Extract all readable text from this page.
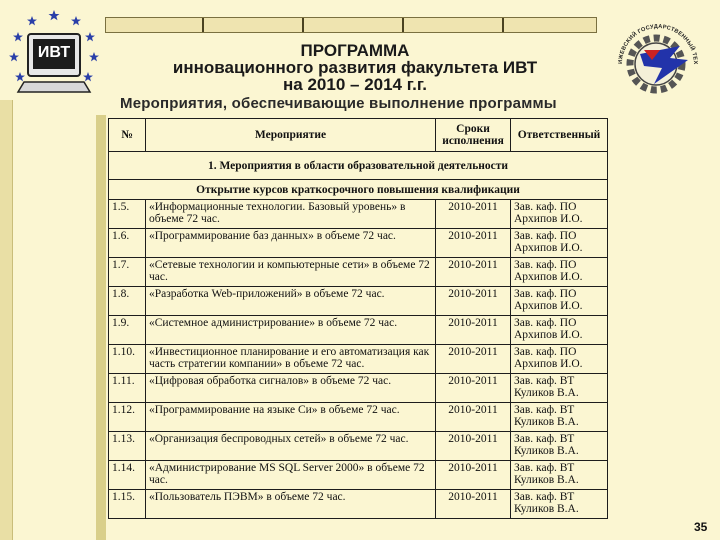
ИВТ
ИЖЕВСКИЙ ГОСУДАРСТВЕННЫЙ ТЕХ
ПРОГРАММА
инновационного развития факультета ИВТ
на 2010 – 2014 г.г.
Мероприятия, обеспечивающие выполнение программы
№	Мероприятие	Сроки исполнения	Ответственный
1. Мероприятия в области образовательной деятельности			
Открытие курсов краткосрочного повышения квалификации			
1.5.	«Информационные технологии. Базовый уровень» в объеме 72 час.	2010-2011	Зав. каф. ПО Архипов И.О.
1.6.	«Программирование баз данных» в объеме 72 час.	2010-2011	Зав. каф. ПО Архипов И.О.
1.7.	«Сетевые технологии и компьютерные сети» в объеме 72 час.	2010-2011	Зав. каф. ПО Архипов И.О.
1.8.	«Разработка Web-приложений» в объеме 72 час.	2010-2011	Зав. каф. ПО Архипов И.О.
1.9.	«Системное администрирование» в объеме 72 час.	2010-2011	Зав. каф. ПО Архипов И.О.
1.10.	«Инвестиционное планирование и его автоматизация как часть стратегии компании» в объеме 72 час.	2010-2011	Зав. каф. ПО Архипов И.О.
1.11.	«Цифровая обработка сигналов» в объеме 72 час.	2010-2011	Зав. каф. ВТ Куликов В.А.
1.12.	«Программирование на языке Си» в объеме 72 час.	2010-2011	Зав. каф. ВТ Куликов В.А.
1.13.	«Организация беспроводных сетей» в объеме 72 час.	2010-2011	Зав. каф. ВТ Куликов В.А.
1.14.	«Администрирование MS SQL Server 2000» в объеме 72 час.	2010-2011	Зав. каф. ВТ Куликов В.А.
1.15.	«Пользователь ПЭВМ» в объеме 72 час.	2010-2011	Зав. каф. ВТ Куликов В.А.
35
